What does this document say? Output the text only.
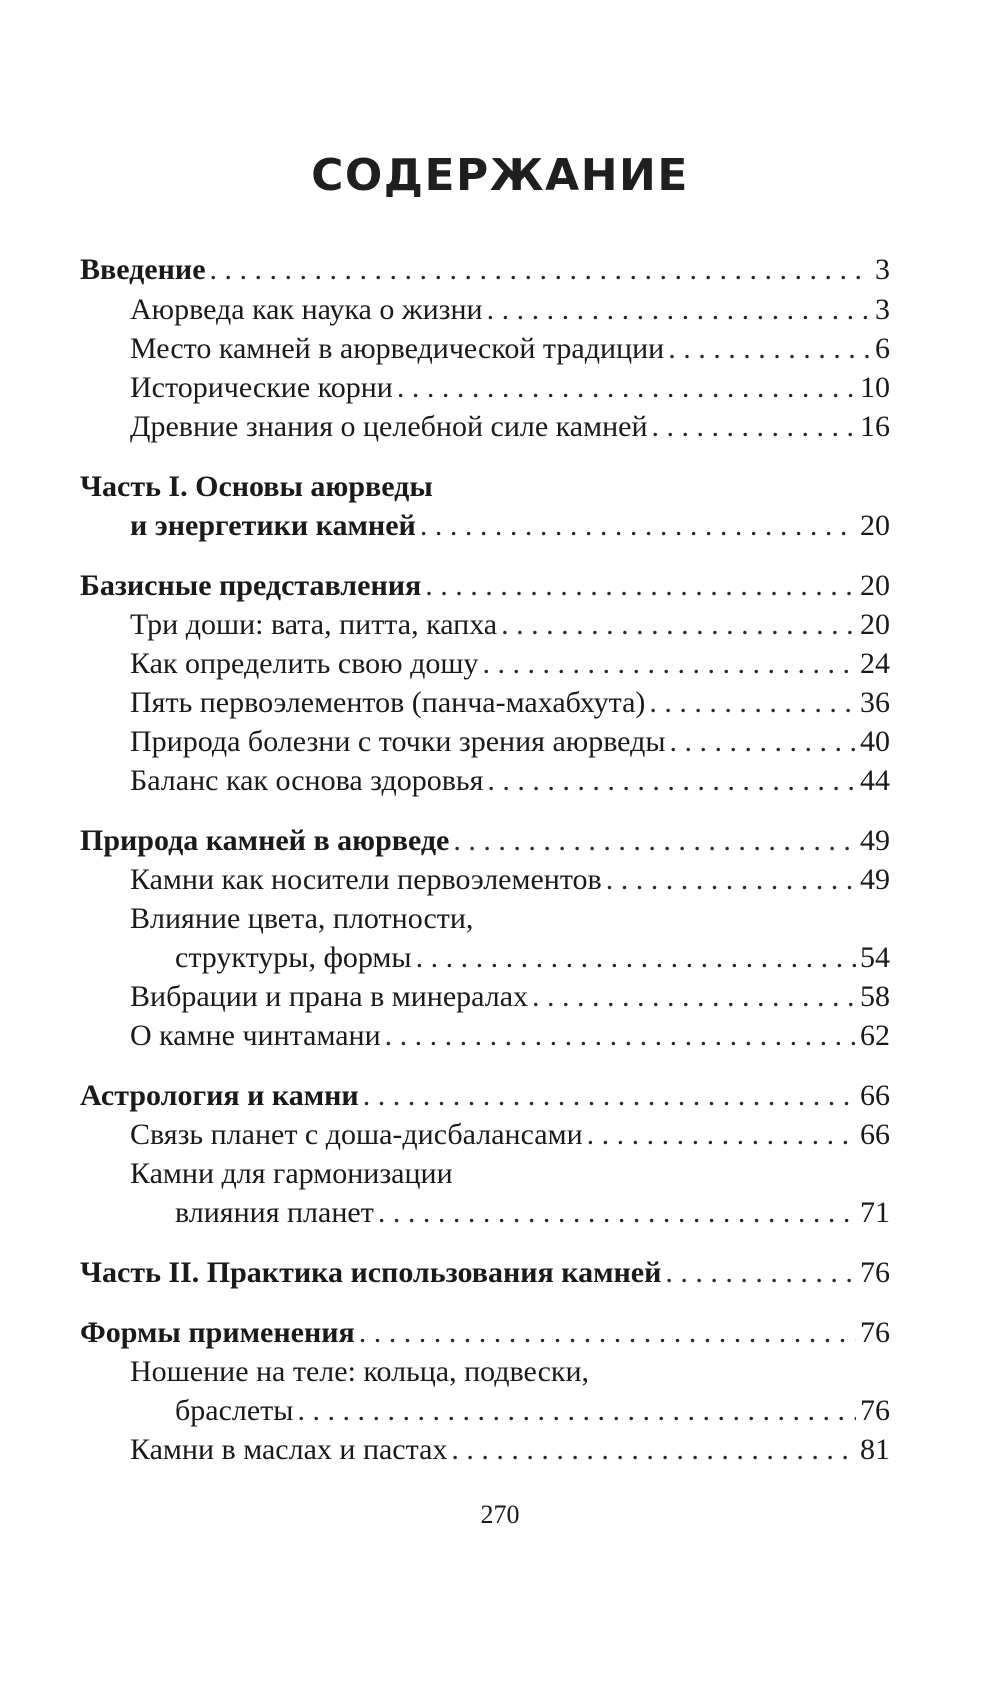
СОДЕРЖАНИЕ
Введение . . .	3
Аюрведа как наука о жизни . . .	3
Место камней в аюрведической традиции . . .	6
Исторические корни . . .	10
Древние знания о целебной силе камней . . .	16
Часть I. Основы аюрведы
и энергетики камней . . .	20
Базисные представления . . .	20
Три доши: вата, питта, капха . . .	20
Как определить свою дошу . . .	24
Пять первоэлементов (панча-махабхута) . . .	36
Природа болезни с точки зрения аюрведы . . .	40
Баланс как основа здоровья . . .	44
Природа камней в аюрведе . . .	49
Камни как носители первоэлементов . . .	49
Влияние цвета, плотности,
структуры, формы . . .	54
Вибрации и прана в минералах . . .	58
О камне чинтамани . . .	62
Астрология и камни . . .	66
Связь планет с доша-дисбалансами . . .	66
Камни для гармонизации
влияния планет . . .	71
Часть II. Практика использования камней . . .	76
Формы применения . . .	76
Ношение на теле: кольца, подвески,
браслеты . . .	76
Камни в маслах и пастах . . .	81
270
